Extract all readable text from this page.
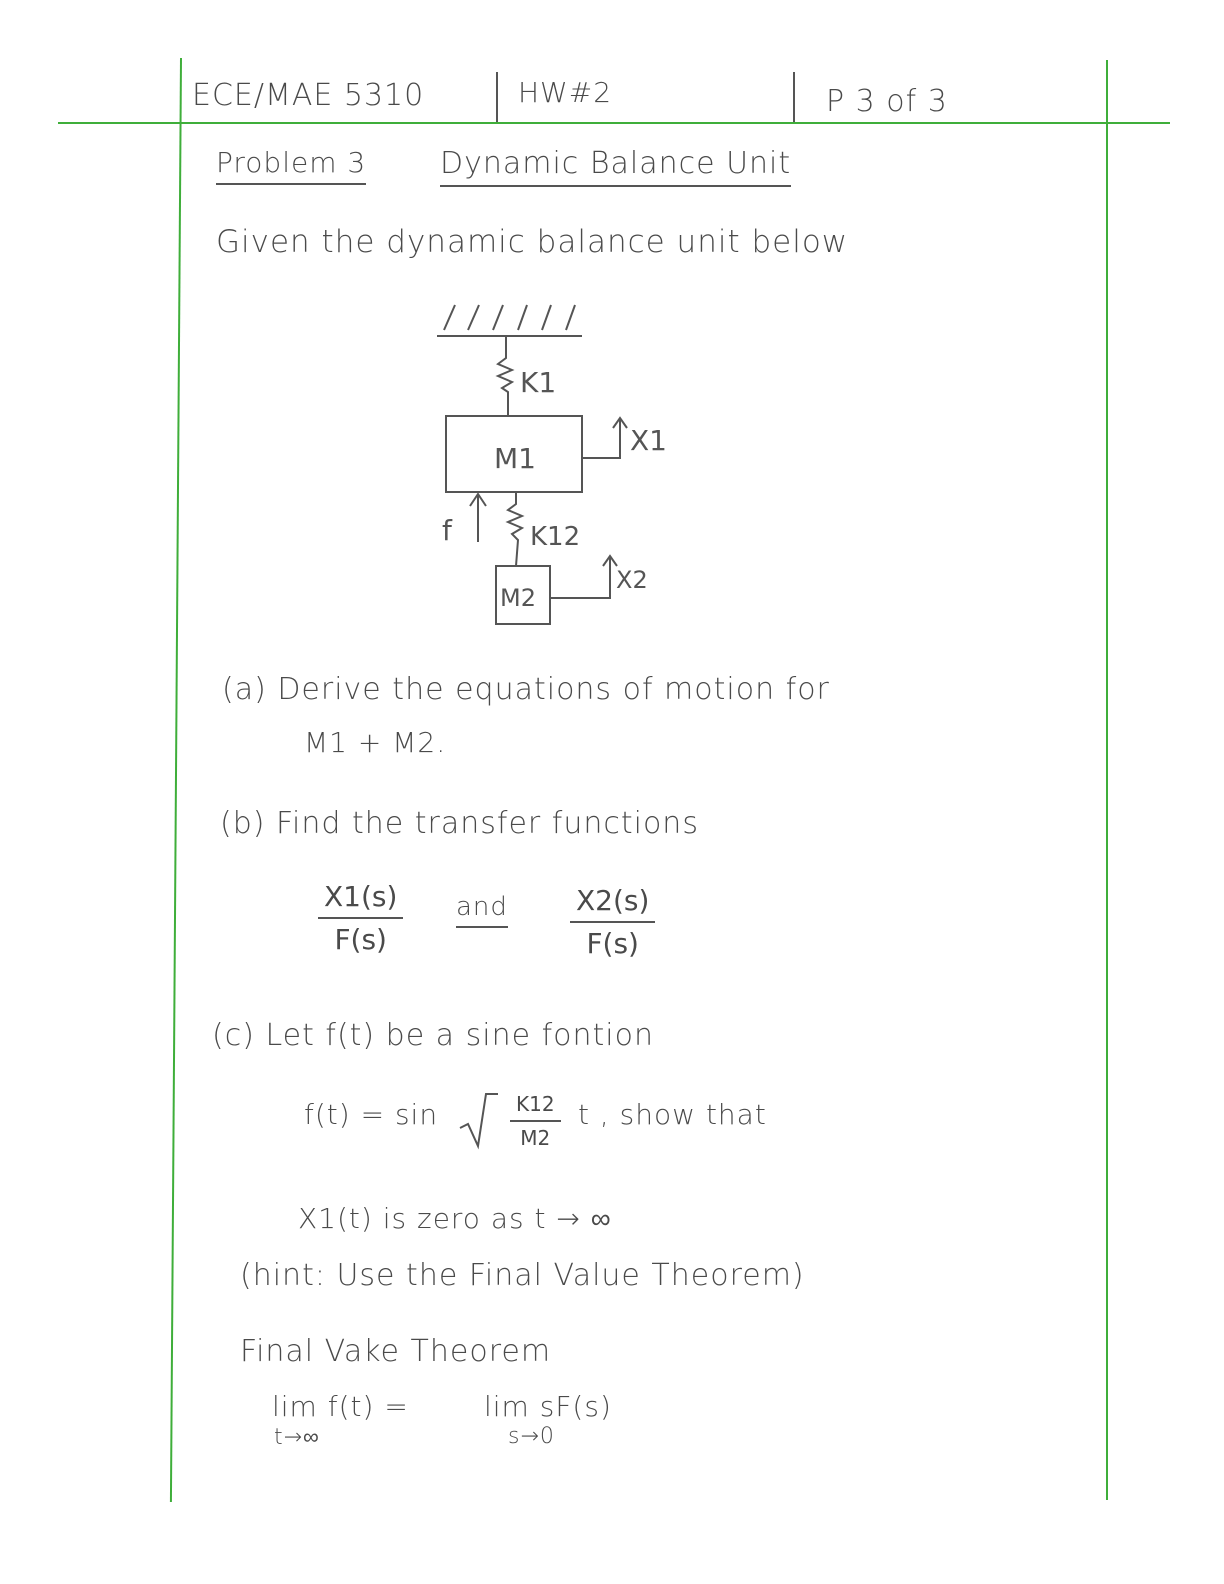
ECE/MAE 5310	HW#2	P 3 of 3
Problem 3 Dynamic Balance Unit
Given the dynamic balance unit below
K1
M1
X1
f	K12
M2
X2
(a) Derive the equations of motion for
M1 + M2.
(b) Find the transfer functions
$\frac{X1(s)}{F(s)}$ and $\frac{X2(s)}{F(s)}$
(c) Let f(t) be a sine fontion
f(t) = sin	$\frac{K12}{M2}$ t , show that
X1(t) is zero as t → ∞
(hint: Use the Final Value Theorem)
Final Vake Theorem
lim f(t) =
t→∞
lim sF(s)
s→0
